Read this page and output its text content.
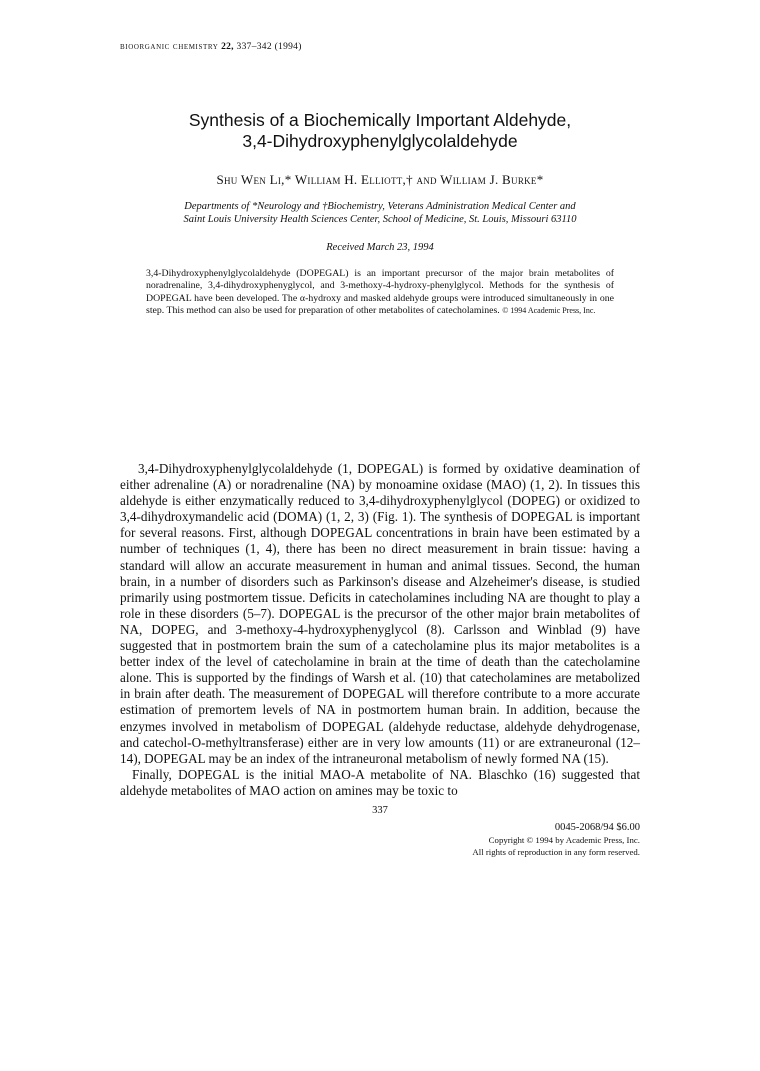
bioorganic chemistry 22, 337–342 (1994)
Synthesis of a Biochemically Important Aldehyde,
3,4-Dihydroxyphenylglycolaldehyde
Shu Wen Li,* William H. Elliott,† and William J. Burke*
Departments of *Neurology and †Biochemistry, Veterans Administration Medical Center and
Saint Louis University Health Sciences Center, School of Medicine, St. Louis, Missouri 63110
Received March 23, 1994
3,4-Dihydroxyphenylglycolaldehyde (DOPEGAL) is an important precursor of the major brain metabolites of noradrenaline, 3,4-dihydroxyphenyglycol, and 3-methoxy-4-hydroxy-phenylglycol. Methods for the synthesis of DOPEGAL have been developed. The α-hydroxy and masked aldehyde groups were introduced simultaneously in one step. This method can also be used for preparation of other metabolites of catecholamines. © 1994 Academic Press, Inc.

3,4-Dihydroxyphenylglycolaldehyde (1, DOPEGAL) is formed by oxidative deamination of either adrenaline (A) or noradrenaline (NA) by monoamine oxidase (MAO) (1, 2). In tissues this aldehyde is either enzymatically reduced to 3,4-dihydroxyphenylglycol (DOPEG) or oxidized to 3,4-dihydroxymandelic acid (DOMA) (1, 2, 3) (Fig. 1). The synthesis of DOPEGAL is important for several reasons. First, although DOPEGAL concentrations in brain have been estimated by a number of techniques (1, 4), there has been no direct measurement in brain tissue: having a standard will allow an accurate measurement in human and animal tissues. Second, the human brain, in a number of disorders such as Parkinson's disease and Alzeheimer's disease, is studied primarily using postmortem tissue. Deficits in catecholamines including NA are thought to play a role in these disorders (5–7). DOPEGAL is the precursor of the other major brain metabolites of NA, DOPEG, and 3-methoxy-4-hydroxyphenyglycol (8). Carlsson and Winblad (9) have suggested that in postmortem brain the sum of a catecholamine plus its major metabolites is a better index of the level of catecholamine in brain at the time of death than the catecholamine alone. This is supported by the findings of Warsh et al. (10) that catecholamines are metabolized in brain after death. The measurement of DOPEGAL will therefore contribute to a more accurate estimation of premortem levels of NA in postmortem human brain. In addition, because the enzymes involved in metabolism of DOPEGAL (aldehyde reductase, aldehyde dehydrogenase, and catechol-O-methyltransferase) either are in very low amounts (11) or are extraneuronal (12–14), DOPEGAL may be an index of the intraneuronal metabolism of newly formed NA (15).

Finally, DOPEGAL is the initial MAO-A metabolite of NA. Blaschko (16) suggested that aldehyde metabolites of MAO action on amines may be toxic to

337
0045-2068/94 $6.00
Copyright © 1994 by Academic Press, Inc.
All rights of reproduction in any form reserved.
